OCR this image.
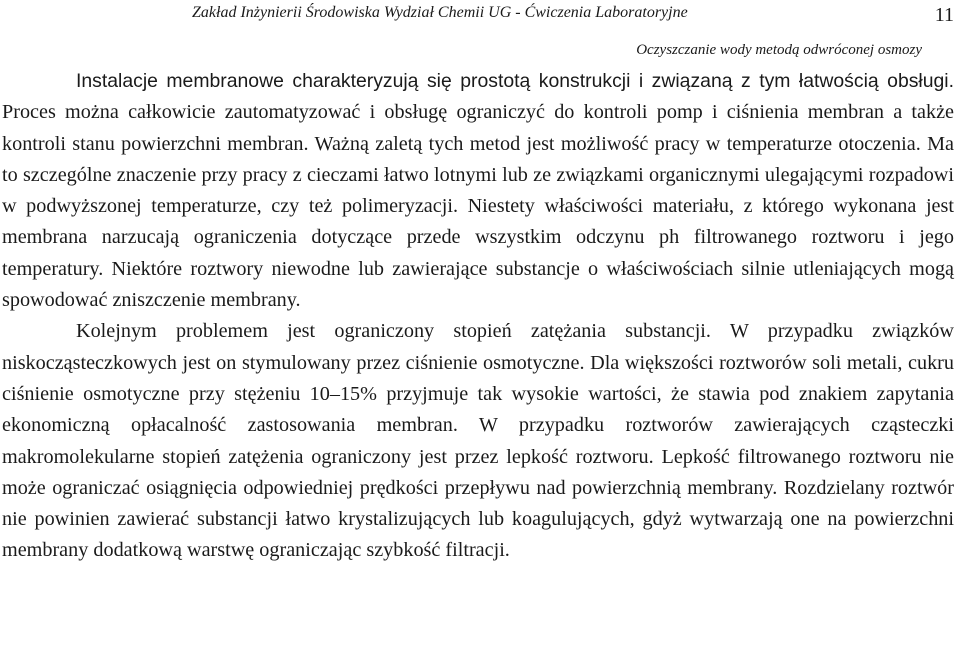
Zakład Inżynierii Środowiska Wydział Chemii UG - Ćwiczenia Laboratoryjne	11
Oczyszczanie wody metodą odwróconej osmozy

Instalacje membranowe charakteryzują się prostotą konstrukcji i związaną z tym łatwością obsługi. Proces można całkowicie zautomatyzować i obsługę ograniczyć do kontroli pomp i ciśnienia membran a także kontroli stanu powierzchni membran. Ważną zaletą tych metod jest możliwość pracy w temperaturze otoczenia. Ma to szczególne znaczenie przy pracy z cieczami łatwo lotnymi lub ze związkami organicznymi ulegającymi rozpadowi w podwyższonej temperaturze, czy też polimeryzacji. Niestety właściwości materiału, z którego wykonana jest membrana narzucają ograniczenia dotyczące przede wszystkim odczynu ph filtrowanego roztworu i jego temperatury. Niektóre roztwory niewodne lub zawierające substancje o właściwościach silnie utleniających mogą spowodować zniszczenie membrany.

Kolejnym problemem jest ograniczony stopień zatężania substancji. W przypadku związków niskocząsteczkowych jest on stymulowany przez ciśnienie osmotyczne. Dla większości roztworów soli metali, cukru ciśnienie osmotyczne przy stężeniu 10–15% przyjmuje tak wysokie wartości, że stawia pod znakiem zapytania ekonomiczną opłacalność zastosowania membran. W przypadku roztworów zawierających cząsteczki makromolekularne stopień zatężenia ograniczony jest przez lepkość roztworu. Lepkość filtrowanego roztworu nie może ograniczać osiągnięcia odpowiedniej prędkości przepływu nad powierzchnią membrany. Rozdzielany roztwór nie powinien zawierać substancji łatwo krystalizujących lub koagulujących, gdyż wytwarzają one na powierzchni membrany dodatkową warstwę ograniczając szybkość filtracji.
